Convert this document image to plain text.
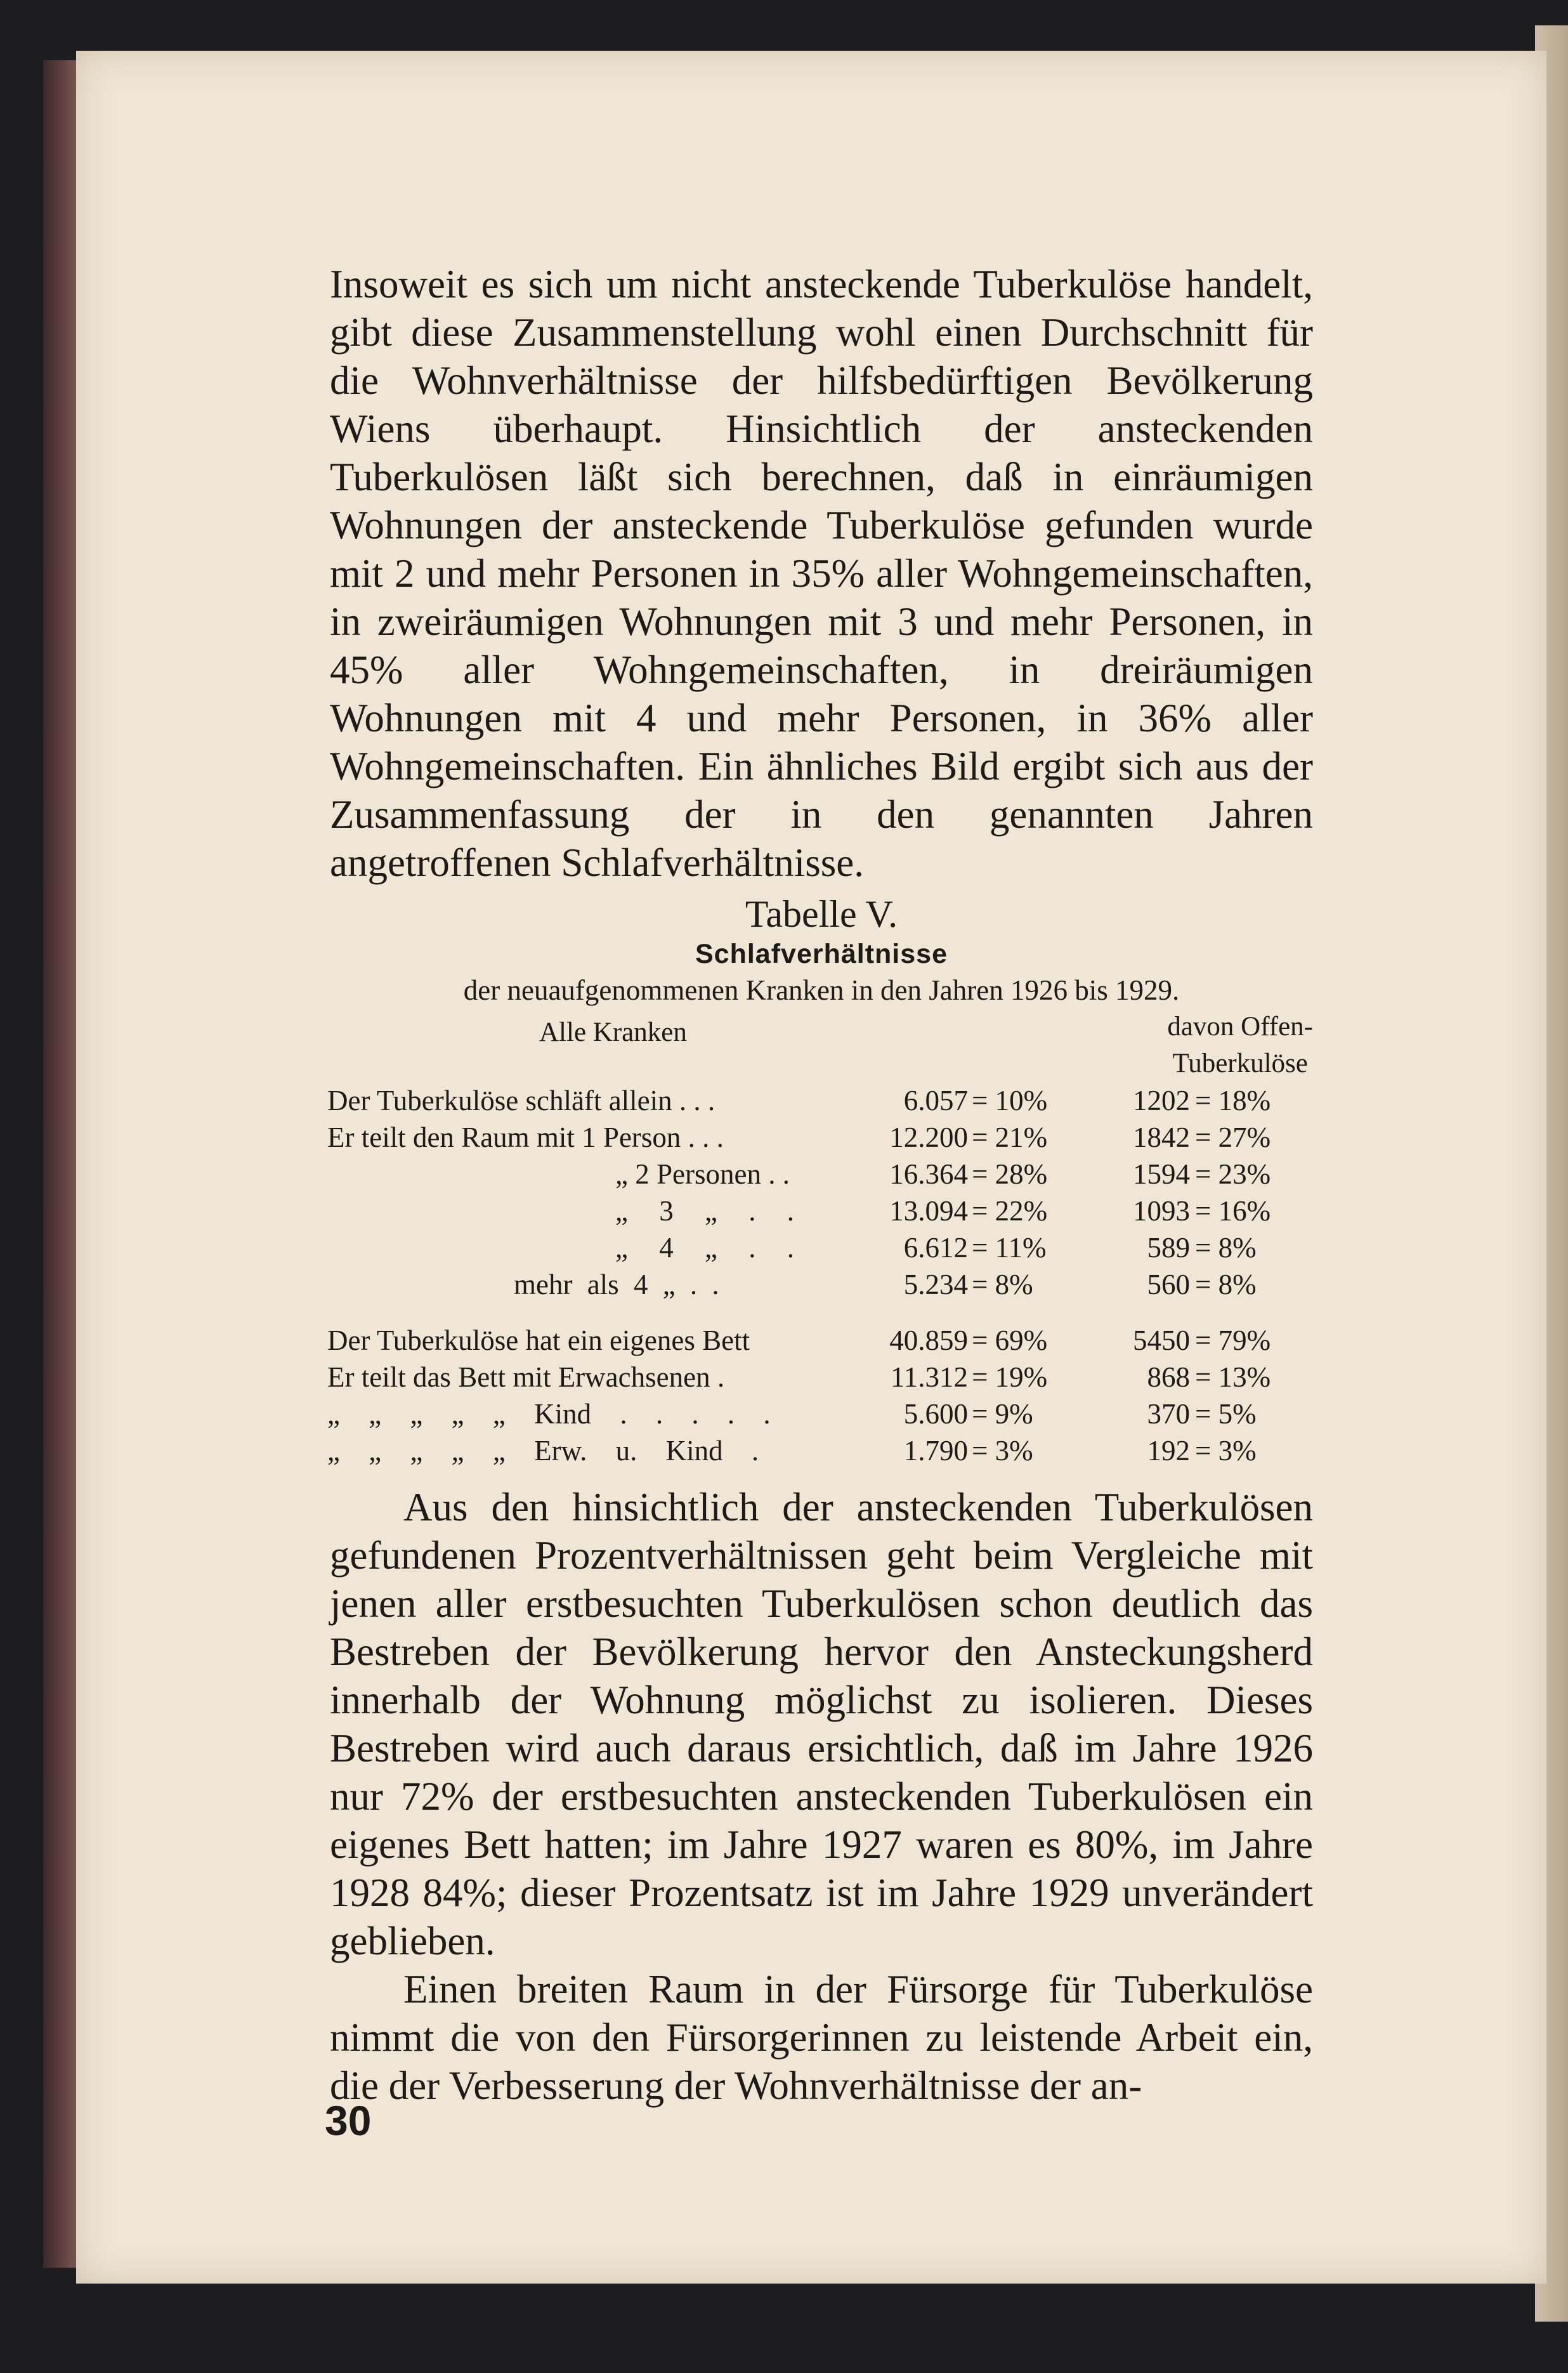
Insoweit es sich um nicht ansteckende Tuberkulöse handelt, gibt diese Zusammenstellung wohl einen Durchschnitt für die Wohnverhältnisse der hilfsbedürftigen Bevölkerung Wiens überhaupt. Hinsichtlich der ansteckenden Tuberkulösen läßt sich berechnen, daß in einräumigen Wohnungen der ansteckende Tuberkulöse gefunden wurde mit 2 und mehr Personen in 35% aller Wohngemeinschaften, in zweiräumigen Wohnungen mit 3 und mehr Personen, in 45% aller Wohngemeinschaften, in dreiräumigen Wohnungen mit 4 und mehr Personen, in 36% aller Wohngemeinschaften. Ein ähnliches Bild ergibt sich aus der Zusammenfassung der in den genannten Jahren angetroffenen Schlafverhältnisse.

Tabelle V.
Schlafverhältnisse
der neuaufgenommenen Kranken in den Jahren 1926 bis 1929.
Alle Kranken	davon Offen-
Tuberkulöse
Der Tuberkulöse schläft allein . . .	6.057 = 10%	1202 = 18%
Er teilt den Raum mit 1 Person . . .	12.200 = 21%	1842 = 27%
„ 2 Personen . .	16.364 = 28%	1594 = 23%
„ 3 „ . .	13.094 = 22%	1093 = 16%
„ 4 „ . .	6.612 = 11%	589 = 8%
mehr als 4 „ . .	5.234 = 8%	560 = 8%
Der Tuberkulöse hat ein eigenes Bett	40.859 = 69%	5450 = 79%
Er teilt das Bett mit Erwachsenen .	11.312 = 19%	868 = 13%
„ „ „ „ „ Kind . . . . .	5.600 = 9%	370 = 5%
„ „ „ „ „ Erw. u. Kind .	1.790 = 3%	192 = 3%

Aus den hinsichtlich der ansteckenden Tuberkulösen gefundenen Prozentverhältnissen geht beim Vergleiche mit jenen aller erstbesuchten Tuberkulösen schon deutlich das Bestreben der Bevölkerung hervor den Ansteckungsherd innerhalb der Wohnung möglichst zu isolieren. Dieses Bestreben wird auch daraus ersichtlich, daß im Jahre 1926 nur 72% der erstbesuchten ansteckenden Tuberkulösen ein eigenes Bett hatten; im Jahre 1927 waren es 80%, im Jahre 1928 84%; dieser Prozentsatz ist im Jahre 1929 unverändert geblieben.

Einen breiten Raum in der Fürsorge für Tuberkulöse nimmt die von den Fürsorgerinnen zu leistende Arbeit ein, die der Verbesserung der Wohnverhältnisse der an-

30
